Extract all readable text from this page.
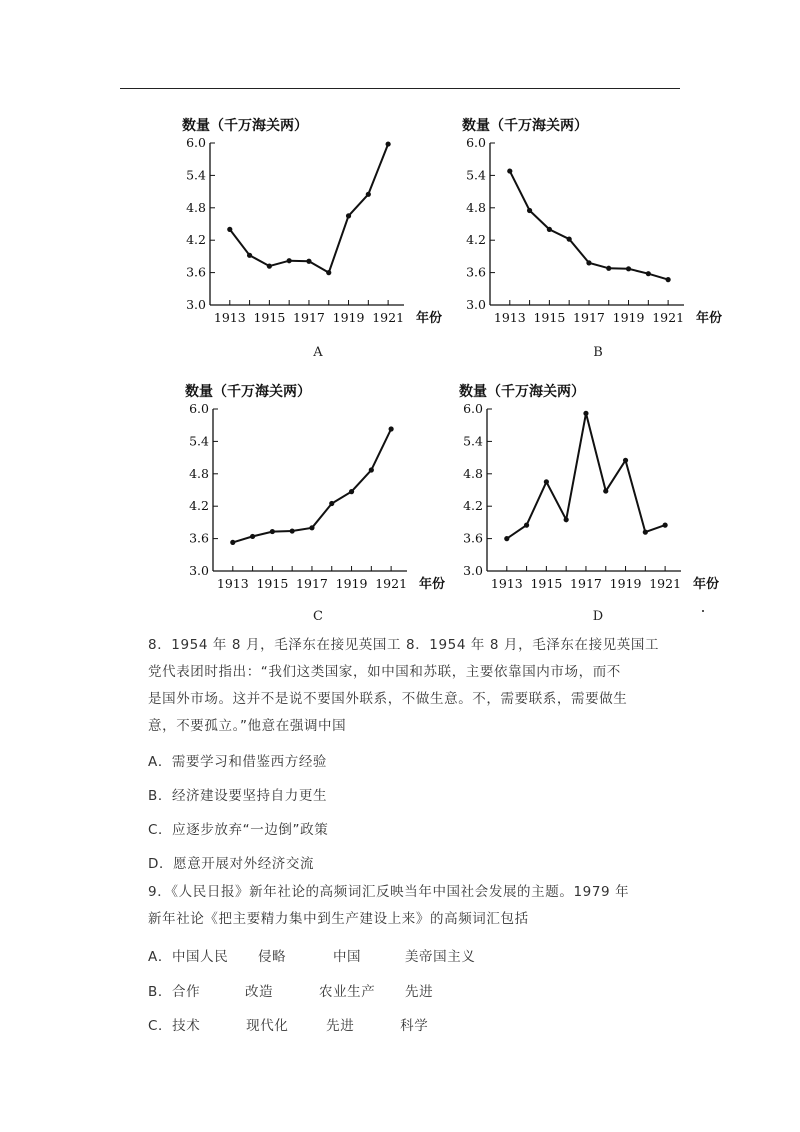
数量（千万海关两）
3.0
3.6
4.2
4.8
5.4
6.0
1913 1915 1917 1919 1921 年份
A
数量（千万海关两）
3.0
3.6
4.2
4.8
5.4
6.0
1913 1915 1917 1919 1921 年份
B
数量（千万海关两）
3.0
3.6
4.2
4.8
5.4
6.0
1913 1915 1917 1919 1921 年份
C
数量（千万海关两）
3.0
3.6
4.2
4.8
5.4
6.0
1913 1915 1917 1919 1921 年份
D
8．1954 年 8 月，毛泽东在接见英国工 8．1954 年 8 月，毛泽东在接见英国工
党代表团时指出：“我们这类国家，如中国和苏联，主要依靠国内市场，而不
是国外市场。这并不是说不要国外联系，不做生意。不，需要联系，需要做生
意，不要孤立。”他意在强调中国
A．需要学习和借鉴西方经验
B．经济建设要坚持自力更生
C．应逐步放弃“一边倒”政策
D．愿意开展对外经济交流
9．《人民日报》新年社论的高频词汇反映当年中国社会发展的主题。1979 年
新年社论《把主要精力集中到生产建设上来》的高频词汇包括
A．中国人民 侵略	中国	美帝国主义
B．合作	改造	农业生产 先进
C．技术	现代化	先进	科学
